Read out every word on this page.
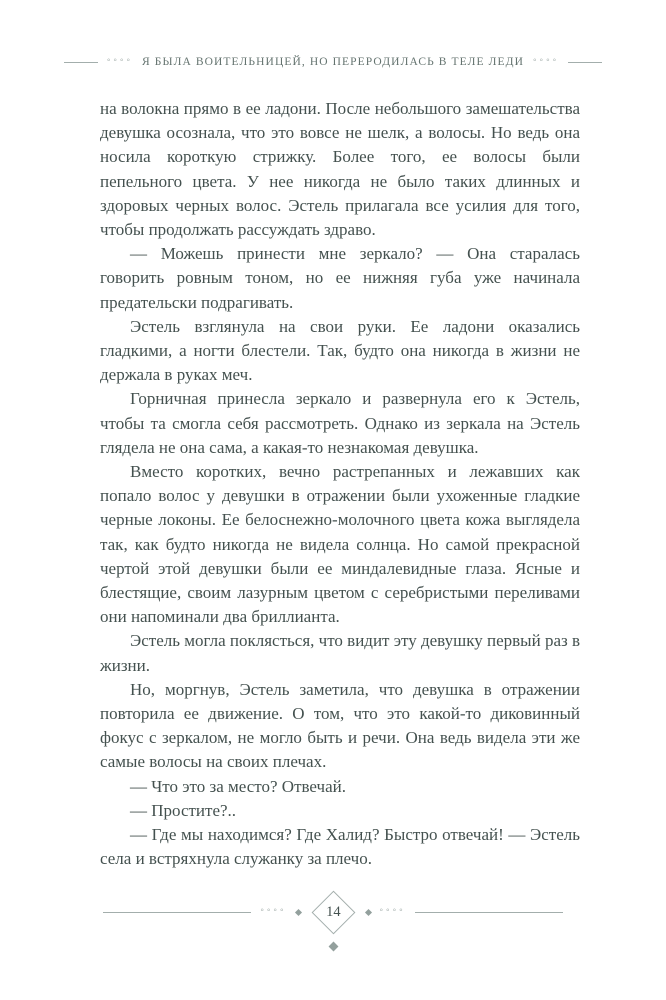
◦◦◦◦ Я БЫЛА ВОИТЕЛЬНИЦЕЙ, НО ПЕРЕРОДИЛАСЬ В ТЕЛЕ ЛЕДИ ◦◦◦◦

на волокна прямо в ее ладони. После небольшого замешательства девушка осознала, что это вовсе не шелк, а волосы. Но ведь она носила короткую стрижку. Более того, ее волосы были пепельного цвета. У нее никогда не было таких длинных и здоровых черных волос. Эстель прилагала все усилия для того, чтобы продолжать рассуждать здраво.

— Можешь принести мне зеркало? — Она старалась говорить ровным тоном, но ее нижняя губа уже начинала предательски подрагивать.

Эстель взглянула на свои руки. Ее ладони оказались гладкими, а ногти блестели. Так, будто она никогда в жизни не держала в руках меч.

Горничная принесла зеркало и развернула его к Эстель, чтобы та смогла себя рассмотреть. Однако из зеркала на Эстель глядела не она сама, а какая-то незнакомая девушка.

Вместо коротких, вечно растрепанных и лежавших как попало волос у девушки в отражении были ухоженные гладкие черные локоны. Ее белоснежно-молочного цвета кожа выглядела так, как будто никогда не видела солнца. Но самой прекрасной чертой этой девушки были ее миндалевидные глаза. Ясные и блестящие, своим лазурным цветом с серебристыми переливами они напоминали два бриллианта.

Эстель могла поклясться, что видит эту девушку первый раз в жизни.

Но, моргнув, Эстель заметила, что девушка в отражении повторила ее движение. О том, что это какой-то диковинный фокус с зеркалом, не могло быть и речи. Она ведь видела эти же самые волосы на своих плечах.

— Что это за место? Отвечай.

— Простите?..

— Где мы находимся? Где Халид? Быстро отвечай! — Эстель села и встряхнула служанку за плечо.

◦◦◦◦	14	◦◦◦◦
